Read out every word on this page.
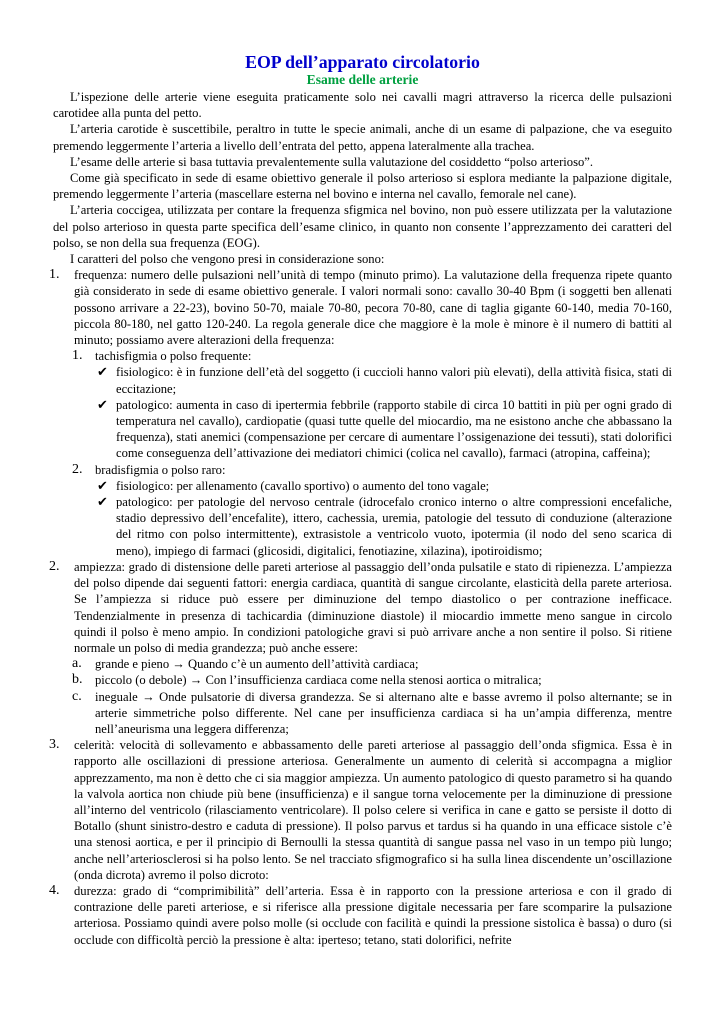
EOP dell’apparato circolatorio
Esame delle arterie

L’ispezione delle arterie viene eseguita praticamente solo nei cavalli magri attraverso la ricerca delle pulsazioni carotidee alla punta del petto.

L’arteria carotide è suscettibile, peraltro in tutte le specie animali, anche di un esame di palpazione, che va eseguito premendo leggermente l’arteria a livello dell’entrata del petto, appena lateralmente alla trachea.

L’esame delle arterie si basa tuttavia prevalentemente sulla valutazione del cosiddetto “polso arterioso”.

Come già specificato in sede di esame obiettivo generale il polso arterioso si esplora mediante la palpazione digitale, premendo leggermente l’arteria (mascellare esterna nel bovino e interna nel cavallo, femorale nel cane).

L’arteria coccigea, utilizzata per contare la frequenza sfigmica nel bovino, non può essere utilizzata per la valutazione del polso arterioso in questa parte specifica dell’esame clinico, in quanto non consente l’apprezzamento dei caratteri del polso, se non della sua frequenza (EOG).

I caratteri del polso che vengono presi in considerazione sono:

1. frequenza: numero delle pulsazioni nell’unità di tempo (minuto primo). La valutazione della frequenza ripete quanto già considerato in sede di esame obiettivo generale. I valori normali sono: cavallo 30-40 Bpm (i soggetti ben allenati possono arrivare a 22-23), bovino 50-70, maiale 70-80, pecora 70-80, cane di taglia gigante 60-140, media 70-160, piccola 80-180, nel gatto 120-240. La regola generale dice che maggiore è la mole è minore è il numero di battiti al minuto; possiamo avere alterazioni della frequenza:
1. tachisfigmia o polso frequente:
✔ fisiologico: è in funzione dell’età del soggetto (i cuccioli hanno valori più elevati), della attività fisica, stati di eccitazione;
✔ patologico: aumenta in caso di ipertermia febbrile (rapporto stabile di circa 10 battiti in più per ogni grado di temperatura nel cavallo), cardiopatie (quasi tutte quelle del miocardio, ma ne esistono anche che abbassano la frequenza), stati anemici (compensazione per cercare di aumentare l’ossigenazione dei tessuti), stati dolorifici come conseguenza dell’attivazione dei mediatori chimici (colica nel cavallo), farmaci (atropina, caffeina);
2. bradisfigmia o polso raro:
✔ fisiologico: per allenamento (cavallo sportivo) o aumento del tono vagale;
✔ patologico: per patologie del nervoso centrale (idrocefalo cronico interno o altre compressioni encefaliche, stadio depressivo dell’encefalite), ittero, cachessia, uremia, patologie del tessuto di conduzione (alterazione del ritmo con polso intermittente), extrasistole a ventricolo vuoto, ipotermia (il nodo del seno scarica di meno), impiego di farmaci (glicosidi, digitalici, fenotiazine, xilazina), ipotiroidismo;
2. ampiezza: grado di distensione delle pareti arteriose al passaggio dell’onda pulsatile e stato di ripienezza. L’ampiezza del polso dipende dai seguenti fattori: energia cardiaca, quantità di sangue circolante, elasticità della parete arteriosa. Se l’ampiezza si riduce può essere per diminuzione del tempo diastolico o per contrazione inefficace. Tendenzialmente in presenza di tachicardia (diminuzione diastole) il miocardio immette meno sangue in circolo quindi il polso è meno ampio. In condizioni patologiche gravi si può arrivare anche a non sentire il polso. Si ritiene normale un polso di media grandezza; può anche essere:
a. grande e pieno → Quando c’è un aumento dell’attività cardiaca;
b. piccolo (o debole) → Con l’insufficienza cardiaca come nella stenosi aortica o mitralica;
c. ineguale → Onde pulsatorie di diversa grandezza. Se si alternano alte e basse avremo il polso alternante; se in arterie simmetriche polso differente. Nel cane per insufficienza cardiaca si ha un’ampia differenza, mentre nell’aneurisma una leggera differenza;
3. celerità: velocità di sollevamento e abbassamento delle pareti arteriose al passaggio dell’onda sfigmica. Essa è in rapporto alle oscillazioni di pressione arteriosa. Generalmente un aumento di celerità si accompagna a miglior apprezzamento, ma non è detto che ci sia maggior ampiezza. Un aumento patologico di questo parametro si ha quando la valvola aortica non chiude più bene (insufficienza) e il sangue torna velocemente per la diminuzione di pressione all’interno del ventricolo (rilasciamento ventricolare). Il polso celere si verifica in cane e gatto se persiste il dotto di Botallo (shunt sinistro-destro e caduta di pressione). Il polso parvus et tardus si ha quando in una efficace sistole c’è una stenosi aortica, e per il principio di Bernoulli la stessa quantità di sangue passa nel vaso in un tempo più lungo; anche nell’arteriosclerosi si ha polso lento. Se nel tracciato sfigmografico si ha sulla linea discendente un’oscillazione (onda dicrota) avremo il polso dicroto:
4. durezza: grado di “comprimibilità” dell’arteria. Essa è in rapporto con la pressione arteriosa e con il grado di contrazione delle pareti arteriose, e si riferisce alla pressione digitale necessaria per fare scomparire la pulsazione arteriosa. Possiamo quindi avere polso molle (si occlude con facilità e quindi la pressione sistolica è bassa) o duro (si occlude con difficoltà perciò la pressione è alta: iperteso; tetano, stati dolorifici, nefrite
